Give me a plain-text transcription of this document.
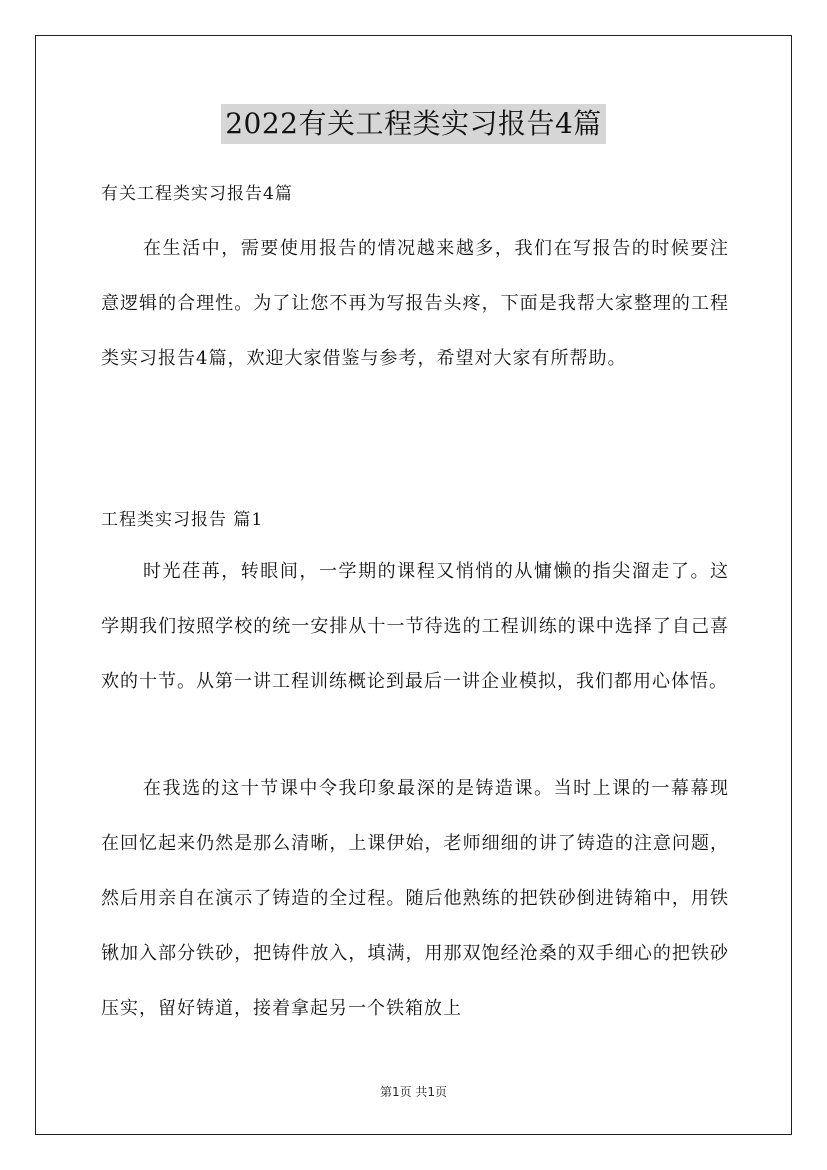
2022有关工程类实习报告4篇
有关工程类实习报告4篇

在生活中，需要使用报告的情况越来越多，我们在写报告的时候要注意逻辑的合理性。为了让您不再为写报告头疼，下面是我帮大家整理的工程类实习报告4篇，欢迎大家借鉴与参考，希望对大家有所帮助。

工程类实习报告 篇1

时光荏苒，转眼间，一学期的课程又悄悄的从慵懒的指尖溜走了。这学期我们按照学校的统一安排从十一节待选的工程训练的课中选择了自己喜欢的十节。从第一讲工程训练概论到最后一讲企业模拟，我们都用心体悟。

在我选的这十节课中令我印象最深的是铸造课。当时上课的一幕幕现在回忆起来仍然是那么清晰，上课伊始，老师细细的讲了铸造的注意问题，然后用亲自在演示了铸造的全过程。随后他熟练的把铁砂倒进铸箱中，用铁锹加入部分铁砂，把铸件放入，填满，用那双饱经沧桑的双手细心的把铁砂压实，留好铸道，接着拿起另一个铁箱放上

第1页 共1页
